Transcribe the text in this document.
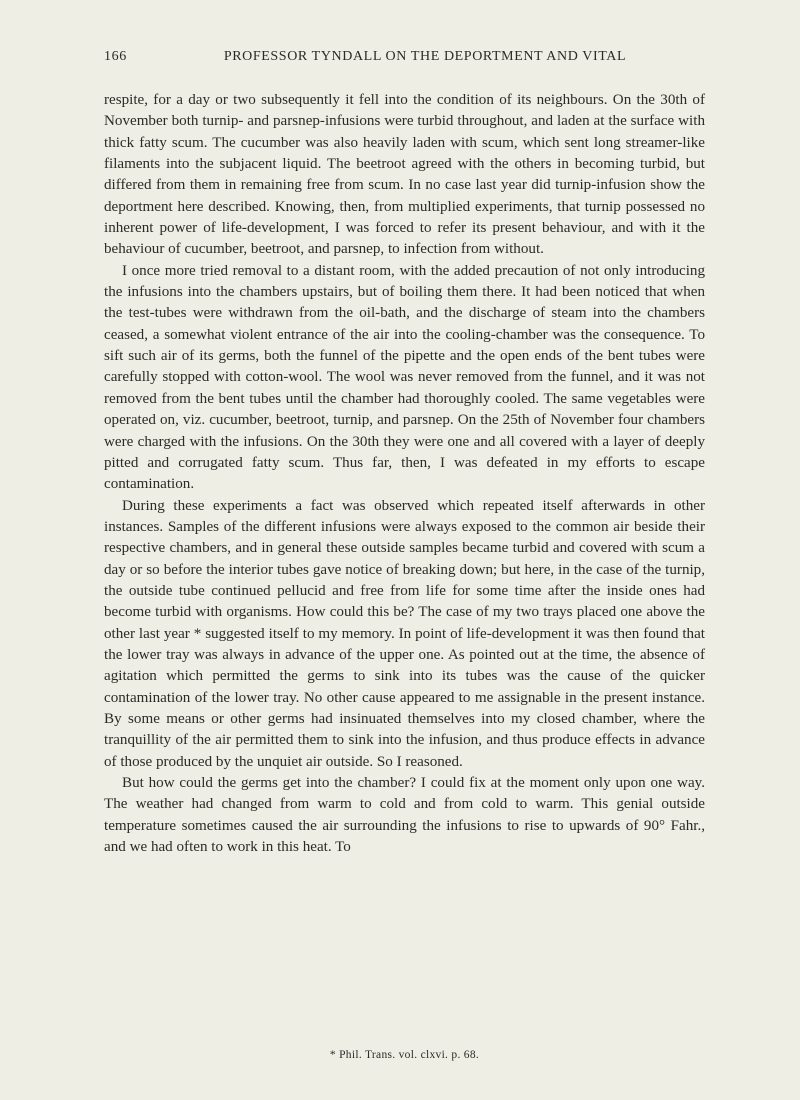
166	PROFESSOR TYNDALL ON THE DEPORTMENT AND VITAL

respite, for a day or two subsequently it fell into the condition of its neighbours. On the 30th of November both turnip- and parsnep-infusions were turbid throughout, and laden at the surface with thick fatty scum. The cucumber was also heavily laden with scum, which sent long streamer-like filaments into the subjacent liquid. The beetroot agreed with the others in becoming turbid, but differed from them in remaining free from scum. In no case last year did turnip-infusion show the deportment here described. Knowing, then, from multiplied experiments, that turnip possessed no inherent power of life-development, I was forced to refer its present behaviour, and with it the behaviour of cucumber, beetroot, and parsnep, to infection from without.

I once more tried removal to a distant room, with the added precaution of not only introducing the infusions into the chambers upstairs, but of boiling them there. It had been noticed that when the test-tubes were withdrawn from the oil-bath, and the discharge of steam into the chambers ceased, a somewhat violent entrance of the air into the cooling-chamber was the consequence. To sift such air of its germs, both the funnel of the pipette and the open ends of the bent tubes were carefully stopped with cotton-wool. The wool was never removed from the funnel, and it was not removed from the bent tubes until the chamber had thoroughly cooled. The same vegetables were operated on, viz. cucumber, beetroot, turnip, and parsnep. On the 25th of November four chambers were charged with the infusions. On the 30th they were one and all covered with a layer of deeply pitted and corrugated fatty scum. Thus far, then, I was defeated in my efforts to escape contamination.

During these experiments a fact was observed which repeated itself afterwards in other instances. Samples of the different infusions were always exposed to the common air beside their respective chambers, and in general these outside samples became turbid and covered with scum a day or so before the interior tubes gave notice of breaking down; but here, in the case of the turnip, the outside tube continued pellucid and free from life for some time after the inside ones had become turbid with organisms. How could this be? The case of my two trays placed one above the other last year * suggested itself to my memory. In point of life-development it was then found that the lower tray was always in advance of the upper one. As pointed out at the time, the absence of agitation which permitted the germs to sink into its tubes was the cause of the quicker contamination of the lower tray. No other cause appeared to me assignable in the present instance. By some means or other germs had insinuated themselves into my closed chamber, where the tranquillity of the air permitted them to sink into the infusion, and thus produce effects in advance of those produced by the unquiet air outside. So I reasoned.

But how could the germs get into the chamber? I could fix at the moment only upon one way. The weather had changed from warm to cold and from cold to warm. This genial outside temperature sometimes caused the air surrounding the infusions to rise to upwards of 90° Fahr., and we had often to work in this heat. To

* Phil. Trans. vol. clxvi. p. 68.
